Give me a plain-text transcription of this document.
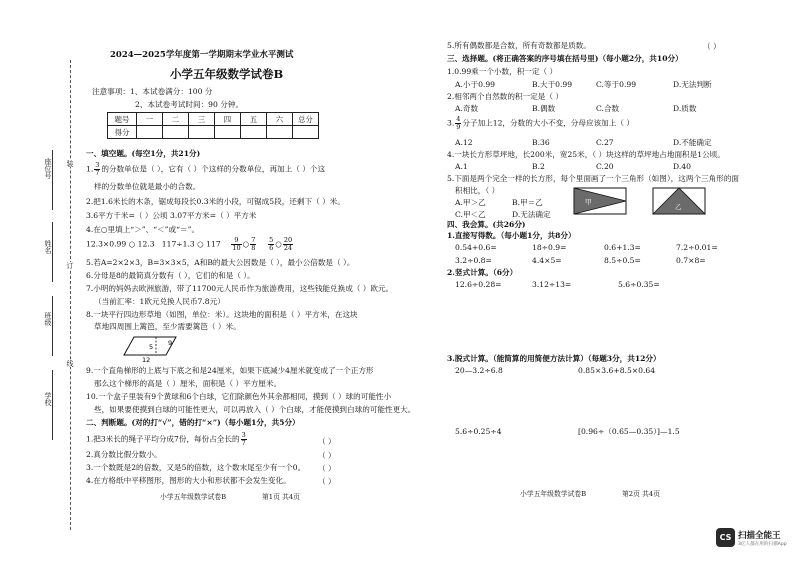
座位号
姓名
班级
学校
装
订
线
2024—2025学年度第一学期期末学业水平测试
小学五年级数学试卷B
注意事项：1、本试卷满分：100 分
2、本试卷考试时间：90 分钟。
题号	一	二	三	四	五	六	总分
得分							
一、填空题。(每空1分，共21分)
1. $\frac{3}{7}$ 的分数单位是（ ），它有（ ）个这样的分数单位，再加上（ ）个这
样的分数单位就是最小的合数。
2.把1.6米长的木条，锯成每段长0.3米的小段，可锯成5段，还剩下（ ）米。
3.6平方千米=（ ）公顷 3.07平方米=（ ）平方米
4.在○里填上“＞”、“＜”或“＝”。
12.3×0.99 ○ 12.3 117÷1.3 ○ $117 \frac{9}{10}$ ○ $\frac{7}{8}$
$\frac{5}{6}$ ○ $\frac{20}{24}$
5.若A=2×2×3，B=3×3×5，A和B的最大公因数是（ ），最小公倍数是（ ）。
6.分母是8的最简真分数有（ ），它们的和是（ ）。
7.小明的妈妈去欧洲旅游，带了11700元人民币作为旅游费用，这些钱能兑换成（ ）欧元。
（当前汇率：1欧元兑换人民币7.8元）
8.一块平行四边形草地（如图，单位：米）。这块地的面积是（ ）平方米，在这块
草地四周围上篱笆，至少需要篱笆（ ）米。
5 9
12
9.一个直角梯形的上底与下底之和是24厘米，如果下底减少4厘米就变成了一个正方形
那么这个梯形的高是（ ）厘米，面积是（ ）平方厘米。
10.一个盒子里装有9个黄球和6个白球，它们除颜色外其余都相同，摸到（ ）球的可能性小
些，如果要使摸到白球的可能性更大，可以再放入（ ）个白球，才能使摸到白球的可能性更大。
二、判断题。(对的打“√”，错的打“×”)（每小题1分，共5分）
1.把3米长的绳子平均分成7份，每份占全长的 $\frac{3}{7}$
2.真分数比假分数小。
3.一个数既是2的倍数，又是5的倍数，这个数末尾至少有一个0。
4.在方格纸中平移图形，图形的大小和形状都不会发生变化。
（ ）
（ ）
（ ）
（ ）
小学五年级数学试卷B	第1页 共4页
5.所有偶数都是合数，所有奇数都是质数。	（ ）
三、选择题。(将正确答案的序号填在括号里)（每小题2分，共10分）
1.0.99乘一个小数，积一定（ ）
A.小于0.99	B.大于0.99	C.等于0.99	D.无法判断
2.相邻两个自然数的积一定是（ ）
A.奇数	B.偶数	C.合数	D.质数
3. $\frac{4}{9}$ 分子加上12，分数的大小不变，分母应该加上（ ）
A.12	B.36	C.27	D.不能确定
4.一块长方形草坪地，长200米，宽25米，（ ）块这样的草坪地占地面积是1公顷。
A.1	B.2	C.20	D.40
5.下面是两个完全一样的长方形，每个里面画了一个三角形（如图），这两个三角形的面
积相比，（ ）
A.甲＞乙	B.甲＝乙
C.甲＜乙	D.无法确定
甲
乙
四、我会算。(共26分)
1.直接写得数。（每小题1分，共8分）
0.54+0.6=	18÷0.9=	0.6+1.3=	7.2÷0.01=
3.2÷0.8=	4.4×5=	8.5÷0.5=	0.7×8=
2.竖式计算。（6分）
12.6÷0.28=	3.12÷13=	5.6÷0.35=
3.脱式计算。（能简算的用简便方法计算）（每题3分，共12分）
20—3.2÷6.8	0.85×3.6+8.5×0.64
5.6÷0.25÷4	[0.96÷（0.65—0.35）]—1.5
小学五年级数学试卷B	第2页 共4页
CS 扫描全能王
3亿人都在用的扫描App
